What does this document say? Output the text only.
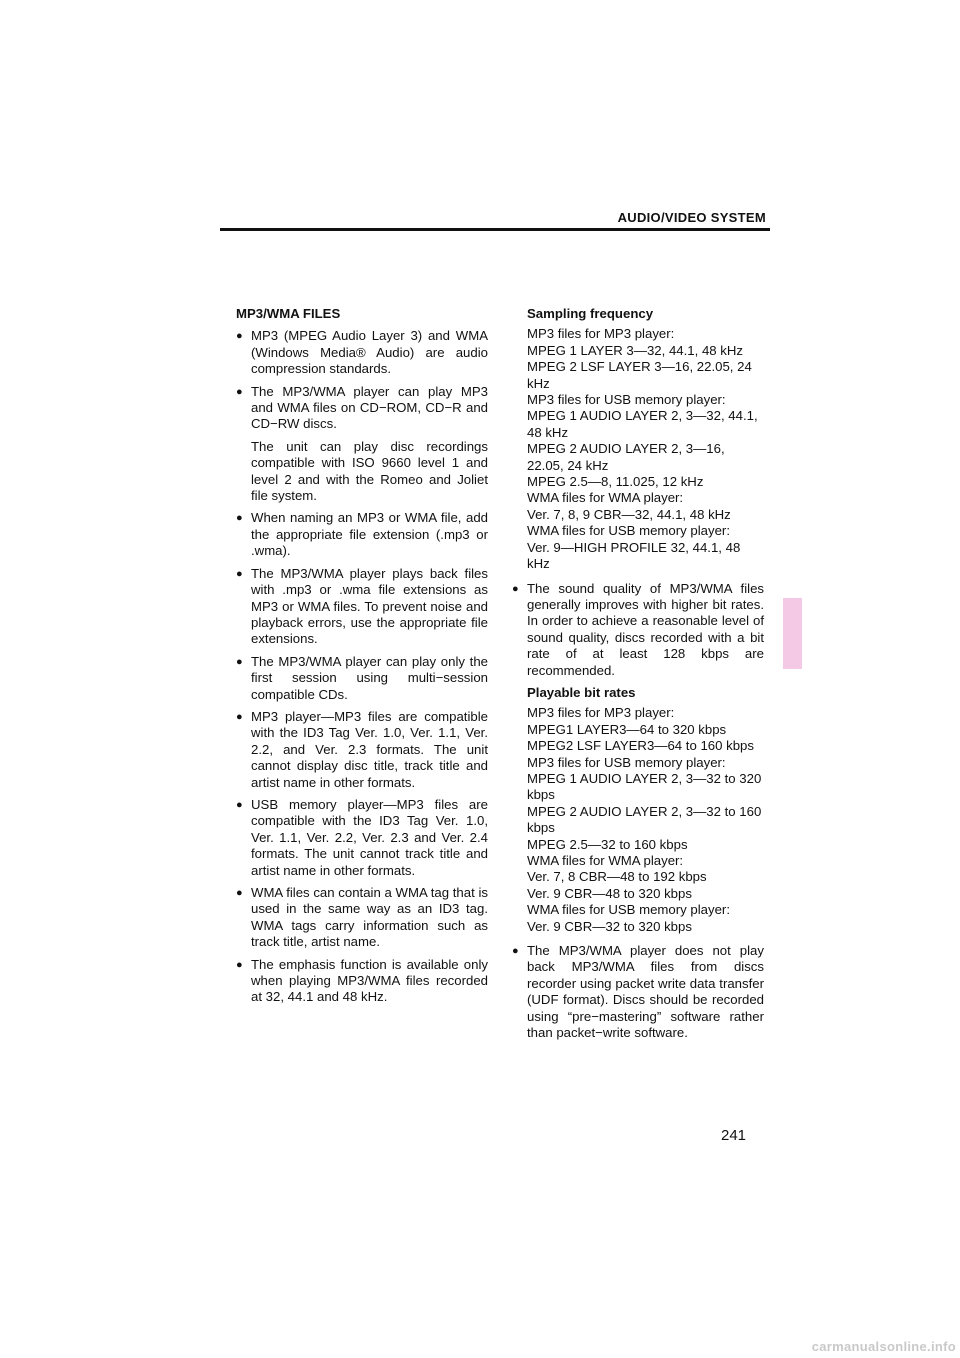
AUDIO/VIDEO SYSTEM
MP3/WMA FILES
● MP3 (MPEG Audio Layer 3) and WMA (Windows Media® Audio) are audio compression standards.
● The MP3/WMA player can play MP3 and WMA files on CD−ROM, CD−R and CD−RW discs.
The unit can play disc recordings compatible with ISO 9660 level 1 and level 2 and with the Romeo and Joliet file system.
● When naming an MP3 or WMA file, add the appropriate file extension (.mp3 or .wma).
● The MP3/WMA player plays back files with .mp3 or .wma file extensions as MP3 or WMA files. To prevent noise and playback errors, use the appropriate file extensions.
● The MP3/WMA player can play only the first session using multi−session compatible CDs.
● MP3 player—MP3 files are compatible with the ID3 Tag Ver. 1.0, Ver. 1.1, Ver. 2.2, and Ver. 2.3 formats. The unit cannot display disc title, track title and artist name in other formats.
● USB memory player—MP3 files are compatible with the ID3 Tag Ver. 1.0, Ver. 1.1, Ver. 2.2, Ver. 2.3 and Ver. 2.4 formats. The unit cannot track title and artist name in other formats.
● WMA files can contain a WMA tag that is used in the same way as an ID3 tag. WMA tags carry information such as track title, artist name.
● The emphasis function is available only when playing MP3/WMA files recorded at 32, 44.1 and 48 kHz.
Sampling frequency
MP3 files for MP3 player:
MPEG 1 LAYER 3—32, 44.1, 48 kHz
MPEG 2 LSF LAYER 3—16, 22.05, 24 kHz
MP3 files for USB memory player:
MPEG 1 AUDIO LAYER 2, 3—32, 44.1, 48 kHz
MPEG 2 AUDIO LAYER 2, 3—16, 22.05, 24 kHz
MPEG 2.5—8, 11.025, 12 kHz
WMA files for WMA player:
Ver. 7, 8, 9 CBR—32, 44.1, 48 kHz
WMA files for USB memory player:
Ver. 9—HIGH PROFILE 32, 44.1, 48 kHz
● The sound quality of MP3/WMA files generally improves with higher bit rates. In order to achieve a reasonable level of sound quality, discs recorded with a bit rate of at least 128 kbps are recommended.
Playable bit rates
MP3 files for MP3 player:
MPEG1 LAYER3—64 to 320 kbps
MPEG2 LSF LAYER3—64 to 160 kbps
MP3 files for USB memory player:
MPEG 1 AUDIO LAYER 2, 3—32 to 320 kbps
MPEG 2 AUDIO LAYER 2, 3—32 to 160 kbps
MPEG 2.5—32 to 160 kbps
WMA files for WMA player:
Ver. 7, 8 CBR—48 to 192 kbps
Ver. 9 CBR—48 to 320 kbps
WMA files for USB memory player:
Ver. 9 CBR—32 to 320 kbps
● The MP3/WMA player does not play back MP3/WMA files from discs recorder using packet write data transfer (UDF format). Discs should be recorded using “pre−mastering” software rather than packet−write software.
241
carmanualsonline.info
